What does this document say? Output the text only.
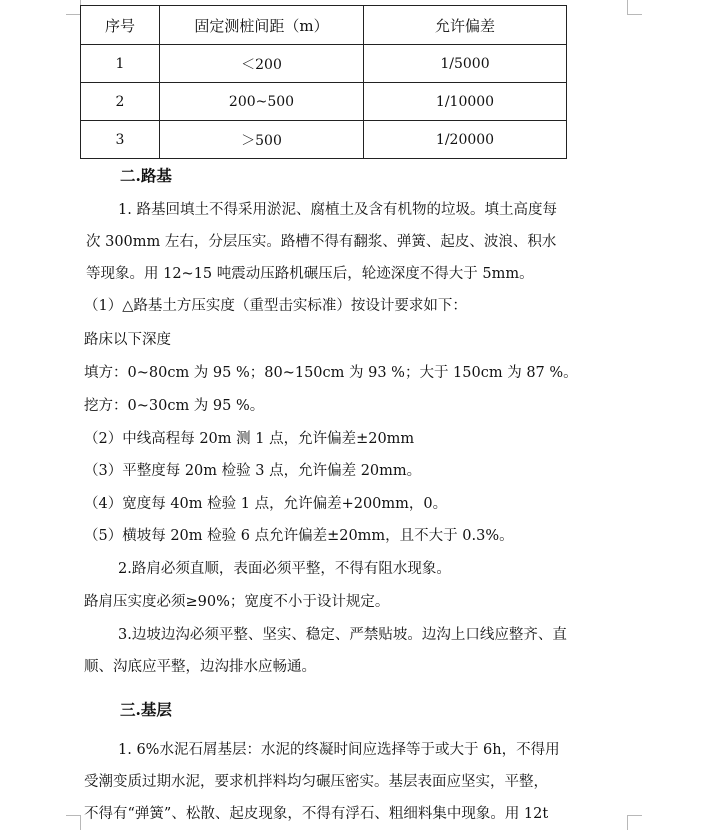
序号	固定测桩间距（m）	允许偏差
1	＜200	1/5000
2	200~500	1/10000
3	＞500	1/20000
二.路基
1. 路基回填土不得采用淤泥、腐植土及含有机物的垃圾。填土高度每
次 300mm 左右，分层压实。路槽不得有翻浆、弹簧、起皮、波浪、积水
等现象。用 12~15 吨震动压路机碾压后，轮迹深度不得大于 5mm。
（1）△路基土方压实度（重型击实标准）按设计要求如下：
路床以下深度
填方：0~80cm 为 95 %；80~150cm 为 93 %；大于 150cm 为 87 %。
挖方：0~30cm 为 95 %。
（2）中线高程每 20m 测 1 点，允许偏差±20mm
（3）平整度每 20m 检验 3 点，允许偏差 20mm。
（4）宽度每 40m 检验 1 点，允许偏差+200mm，0。
（5）横坡每 20m 检验 6 点允许偏差±20mm，且不大于 0.3%。
2.路肩必须直顺，表面必须平整，不得有阻水现象。
路肩压实度必须≥90%；宽度不小于设计规定。
3.边坡边沟必须平整、坚实、稳定、严禁贴坡。边沟上口线应整齐、直
顺、沟底应平整，边沟排水应畅通。
三.基层
1. 6%水泥石屑基层：水泥的终凝时间应选择等于或大于 6h，不得用
受潮变质过期水泥，要求机拌料均匀碾压密实。基层表面应坚实，平整，
不得有“弹簧”、松散、起皮现象，不得有浮石、粗细料集中现象。用 12t
